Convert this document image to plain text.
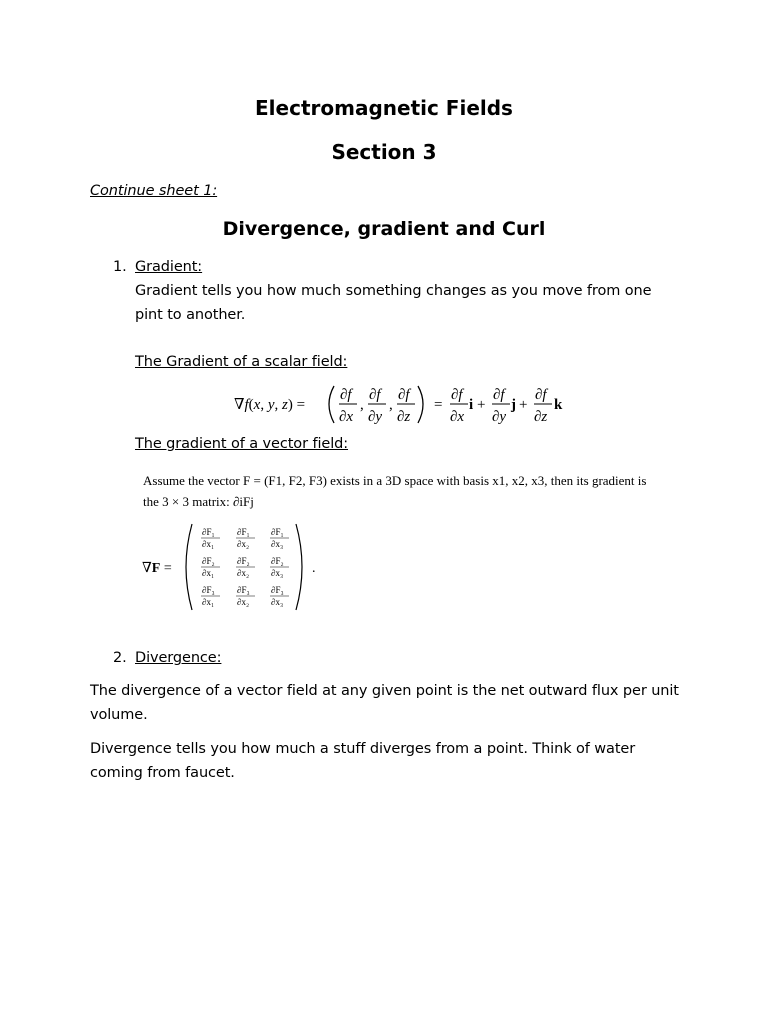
Electromagnetic Fields
Section 3
Continue sheet 1:
Divergence, gradient and Curl
1. Gradient:
Gradient tells you how much something changes as you move from one
pint to another.
The Gradient of a scalar field:
∇f(x, y, z) =
∂f
∂x
,
∂f
∂y
,
∂f
∂z
=
∂f
∂x
i +
∂f
∂y
j +
∂f
∂z
k
The gradient of a vector field:
Assume the vector F = (F1, F2, F3) exists in a 3D space with basis x1, x2, x3, then its gradient is
the 3 × 3 matrix: ∂iFj
∇F =
∂F₁
∂x₁
∂F₁
∂x₂
∂F₁
∂x₃
∂F₂
∂x₁
∂F₂
∂x₂
∂F₂
∂x₃
∂F₃
∂x₁
∂F₃
∂x₂
∂F₃
∂x₃
.
2. Divergence:
The divergence of a vector field at any given point is the net outward flux per unit
volume.
Divergence tells you how much a stuff diverges from a point. Think of water
coming from faucet.
